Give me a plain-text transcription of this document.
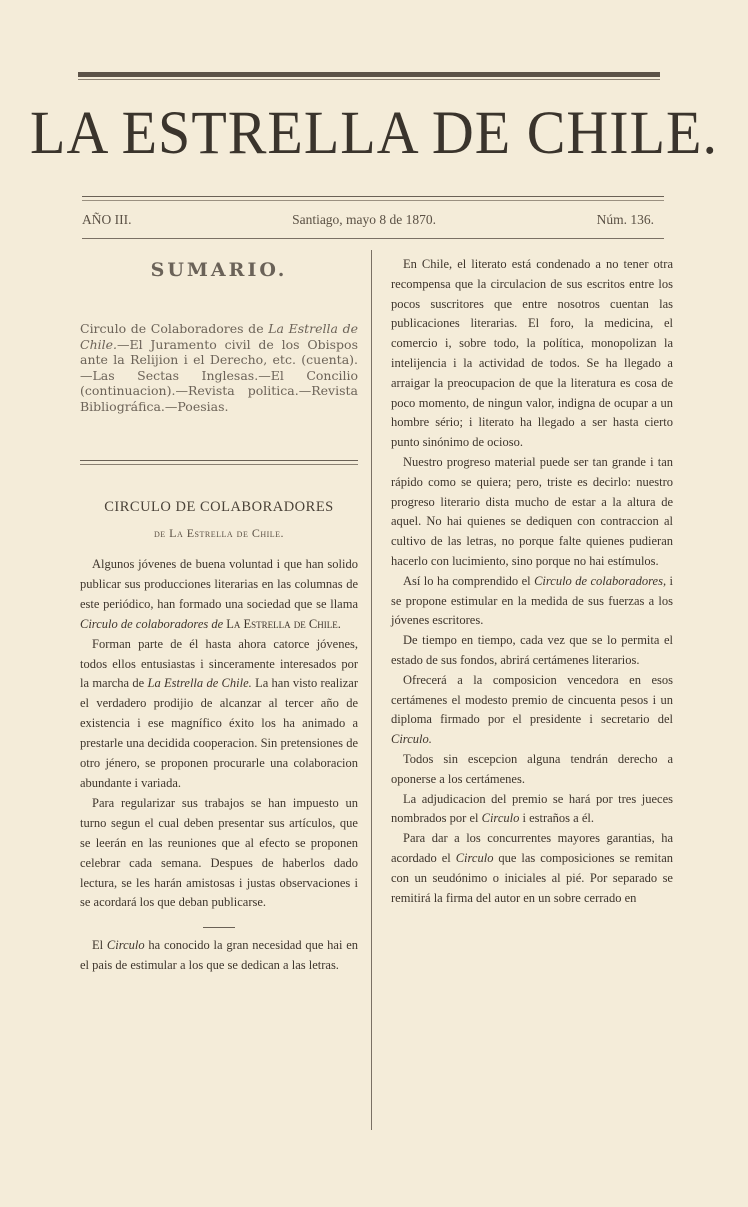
LA ESTRELLA DE CHILE.
AÑO III.	Santiago, mayo 8 de 1870.	Núm. 136.
SUMARIO.

Circulo de Colaboradores de La Estrella de Chile.—El Juramento civil de los Obispos ante la Relijion i el Derecho, etc. (cuenta).—Las Sectas Inglesas.—El Concilio (continuacion).—Revista politica.—Revista Bibliográfica.—Poesias.

CIRCULO DE COLABORADORES
de La Estrella de Chile.

Algunos jóvenes de buena voluntad i que han solido publicar sus producciones literarias en las columnas de este periódico, han formado una sociedad que se llama Circulo de colaboradores de La Estrella de Chile.

Forman parte de él hasta ahora catorce jóvenes, todos ellos entusiastas i sinceramente interesados por la marcha de La Estrella de Chile. La han visto realizar el verdadero prodijio de alcanzar al tercer año de existencia i ese magnífico éxito los ha animado a prestarle una decidida cooperacion. Sin pretensiones de otro jénero, se proponen procurarle una colaboracion abundante i variada.

Para regularizar sus trabajos se han impuesto un turno segun el cual deben presentar sus artículos, que se leerán en las reuniones que al efecto se proponen celebrar cada semana. Despues de haberlos dado lectura, se les harán amistosas i justas observaciones i se acordará los que deban publicarse.

El Circulo ha conocido la gran necesidad que hai en el pais de estimular a los que se dedican a las letras.

En Chile, el literato está condenado a no tener otra recompensa que la circulacion de sus escritos entre los pocos suscritores que entre nosotros cuentan las publicaciones literarias. El foro, la medicina, el comercio i, sobre todo, la política, monopolizan la intelijencia i la actividad de todos. Se ha llegado a arraigar la preocupacion de que la literatura es cosa de poco momento, de ningun valor, indigna de ocupar a un hombre sério; i literato ha llegado a ser hasta cierto punto sinónimo de ocioso.

Nuestro progreso material puede ser tan grande i tan rápido como se quiera; pero, triste es decirlo: nuestro progreso literario dista mucho de estar a la altura de aquel. No hai quienes se dediquen con contraccion al cultivo de las letras, no porque falte quienes pudieran hacerlo con lucimiento, sino porque no hai estímulos.

Así lo ha comprendido el Circulo de colaboradores, i se propone estimular en la medida de sus fuerzas a los jóvenes escritores.

De tiempo en tiempo, cada vez que se lo permita el estado de sus fondos, abrirá certámenes literarios.

Ofrecerá a la composicion vencedora en esos certámenes el modesto premio de cincuenta pesos i un diploma firmado por el presidente i secretario del Circulo.

Todos sin escepcion alguna tendrán derecho a oponerse a los certámenes.

La adjudicacion del premio se hará por tres jueces nombrados por el Circulo i estraños a él.

Para dar a los concurrentes mayores garantias, ha acordado el Circulo que las composiciones se remitan con un seudónimo o iniciales al pié. Por separado se remitirá la firma del autor en un sobre cerrado en
